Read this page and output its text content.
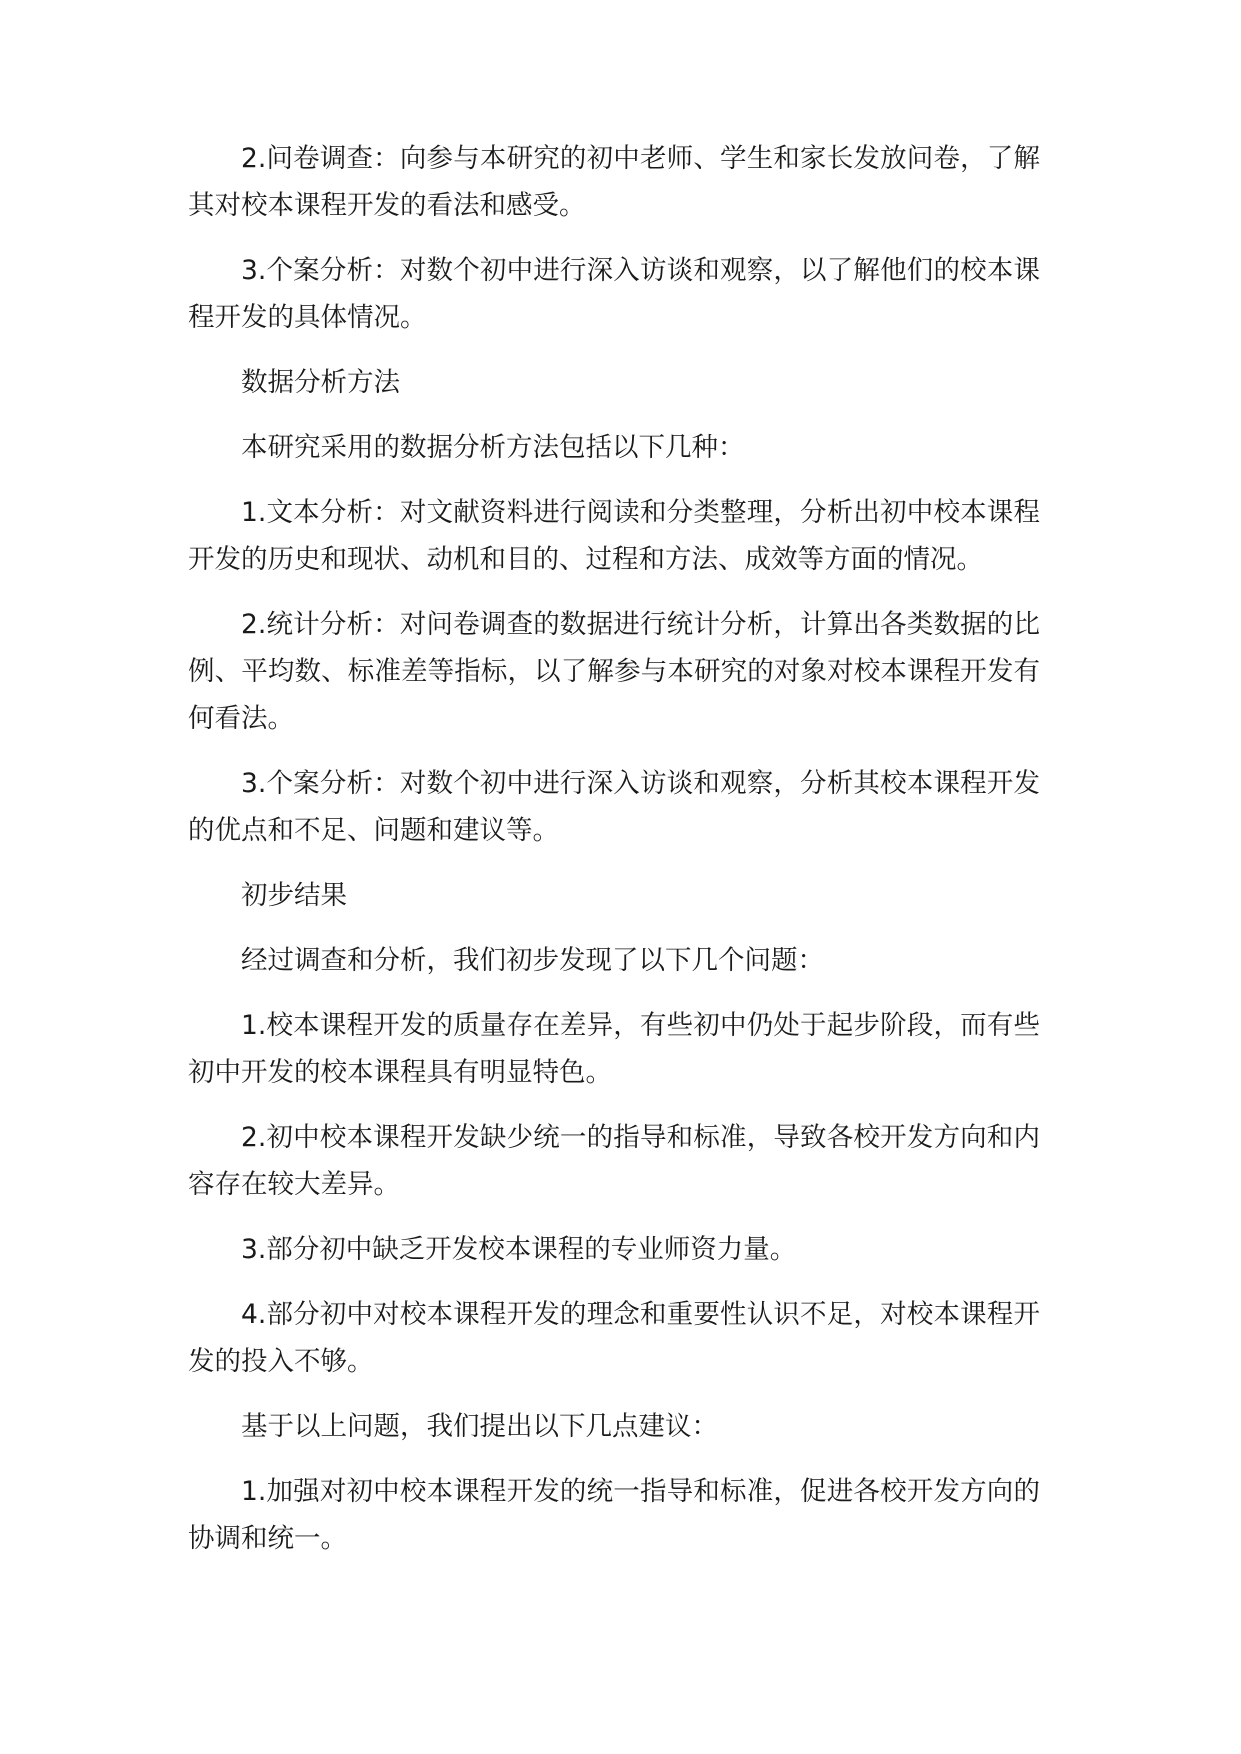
2.问卷调查：向参与本研究的初中老师、学生和家长发放问卷，了解其对校本课程开发的看法和感受。

3.个案分析：对数个初中进行深入访谈和观察，以了解他们的校本课程开发的具体情况。

数据分析方法

本研究采用的数据分析方法包括以下几种：

1.文本分析：对文献资料进行阅读和分类整理，分析出初中校本课程开发的历史和现状、动机和目的、过程和方法、成效等方面的情况。

2.统计分析：对问卷调查的数据进行统计分析，计算出各类数据的比例、平均数、标准差等指标，以了解参与本研究的对象对校本课程开发有何看法。

3.个案分析：对数个初中进行深入访谈和观察，分析其校本课程开发的优点和不足、问题和建议等。

初步结果

经过调查和分析，我们初步发现了以下几个问题：

1.校本课程开发的质量存在差异，有些初中仍处于起步阶段，而有些初中开发的校本课程具有明显特色。

2.初中校本课程开发缺少统一的指导和标准，导致各校开发方向和内容存在较大差异。

3.部分初中缺乏开发校本课程的专业师资力量。

4.部分初中对校本课程开发的理念和重要性认识不足，对校本课程开发的投入不够。

基于以上问题，我们提出以下几点建议：

1.加强对初中校本课程开发的统一指导和标准，促进各校开发方向的协调和统一。
